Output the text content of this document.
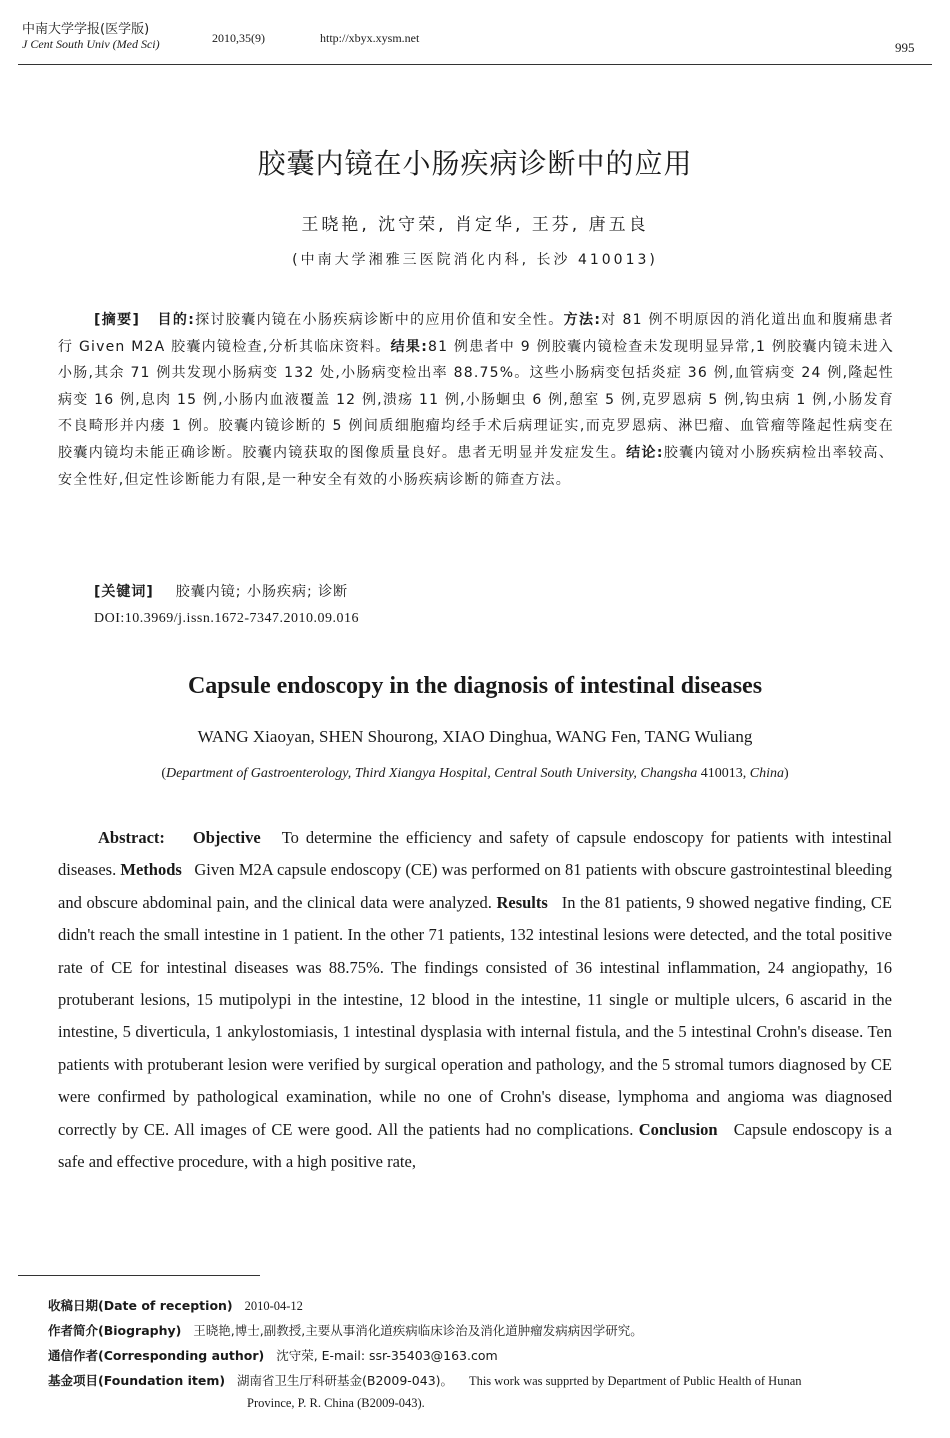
中南大学学报(医学版)
J Cent South Univ (Med Sci)	2010,35(9)	http://xbyx.xysm.net
995
胶囊内镜在小肠疾病诊断中的应用
王晓艳, 沈守荣, 肖定华, 王芬, 唐五良
(中南大学湘雅三医院消化内科, 长沙 410013)
[摘要] 目的:探讨胶囊内镜在小肠疾病诊断中的应用价值和安全性。方法:对 81 例不明原因的消化道出血和腹痛患者行 Given M2A 胶囊内镜检查,分析其临床资料。结果:81 例患者中 9 例胶囊内镜检查未发现明显异常,1 例胶囊内镜未进入小肠,其余 71 例共发现小肠病变 132 处,小肠病变检出率 88.75%。这些小肠病变包括炎症 36 例,血管病变 24 例,隆起性病变 16 例,息肉 15 例,小肠内血液覆盖 12 例,溃疡 11 例,小肠蛔虫 6 例,憩室 5 例,克罗恩病 5 例,钩虫病 1 例,小肠发育不良畸形并内瘘 1 例。胶囊内镜诊断的 5 例间质细胞瘤均经手术后病理证实,而克罗恩病、淋巴瘤、血管瘤等隆起性病变在胶囊内镜均未能正确诊断。胶囊内镜获取的图像质量良好。患者无明显并发症发生。结论:胶囊内镜对小肠疾病检出率较高、安全性好,但定性诊断能力有限,是一种安全有效的小肠疾病诊断的筛查方法。
[关键词] 胶囊内镜; 小肠疾病; 诊断
DOI:10.3969/j.issn.1672-7347.2010.09.016
Capsule endoscopy in the diagnosis of intestinal diseases
WANG Xiaoyan, SHEN Shourong, XIAO Dinghua, WANG Fen, TANG Wuliang
(Department of Gastroenterology, Third Xiangya Hospital, Central South University, Changsha 410013, China)
Abstract: Objective To determine the efficiency and safety of capsule endoscopy for patients with intestinal diseases. Methods Given M2A capsule endoscopy (CE) was performed on 81 patients with obscure gastrointestinal bleeding and obscure abdominal pain, and the clinical data were analyzed. Results In the 81 patients, 9 showed negative finding, CE didn't reach the small intestine in 1 patient. In the other 71 patients, 132 intestinal lesions were detected, and the total positive rate of CE for intestinal diseases was 88.75%. The findings consisted of 36 intestinal inflammation, 24 angiopathy, 16 protuberant lesions, 15 mutipolypi in the intestine, 12 blood in the intestine, 11 single or multiple ulcers, 6 ascarid in the intestine, 5 diverticula, 1 ankylostomiasis, 1 intestinal dysplasia with internal fistula, and the 5 intestinal Crohn's disease. Ten patients with protuberant lesion were verified by surgical operation and pathology, and the 5 stromal tumors diagnosed by CE were confirmed by pathological examination, while no one of Crohn's disease, lymphoma and angioma was diagnosed correctly by CE. All images of CE were good. All the patients had no complications. Conclusion Capsule endoscopy is a safe and effective procedure, with a high positive rate,
收稿日期(Date of reception) 2010-04-12
作者简介(Biography) 王晓艳,博士,副教授,主要从事消化道疾病临床诊治及消化道肿瘤发病病因学研究。
通信作者(Corresponding author) 沈守荣, E-mail: ssr-35403@163.com
基金项目(Foundation item) 湖南省卫生厅科研基金(B2009-043)。 This work was supprted by Department of Public Health of Hunan
Province, P. R. China (B2009-043).
